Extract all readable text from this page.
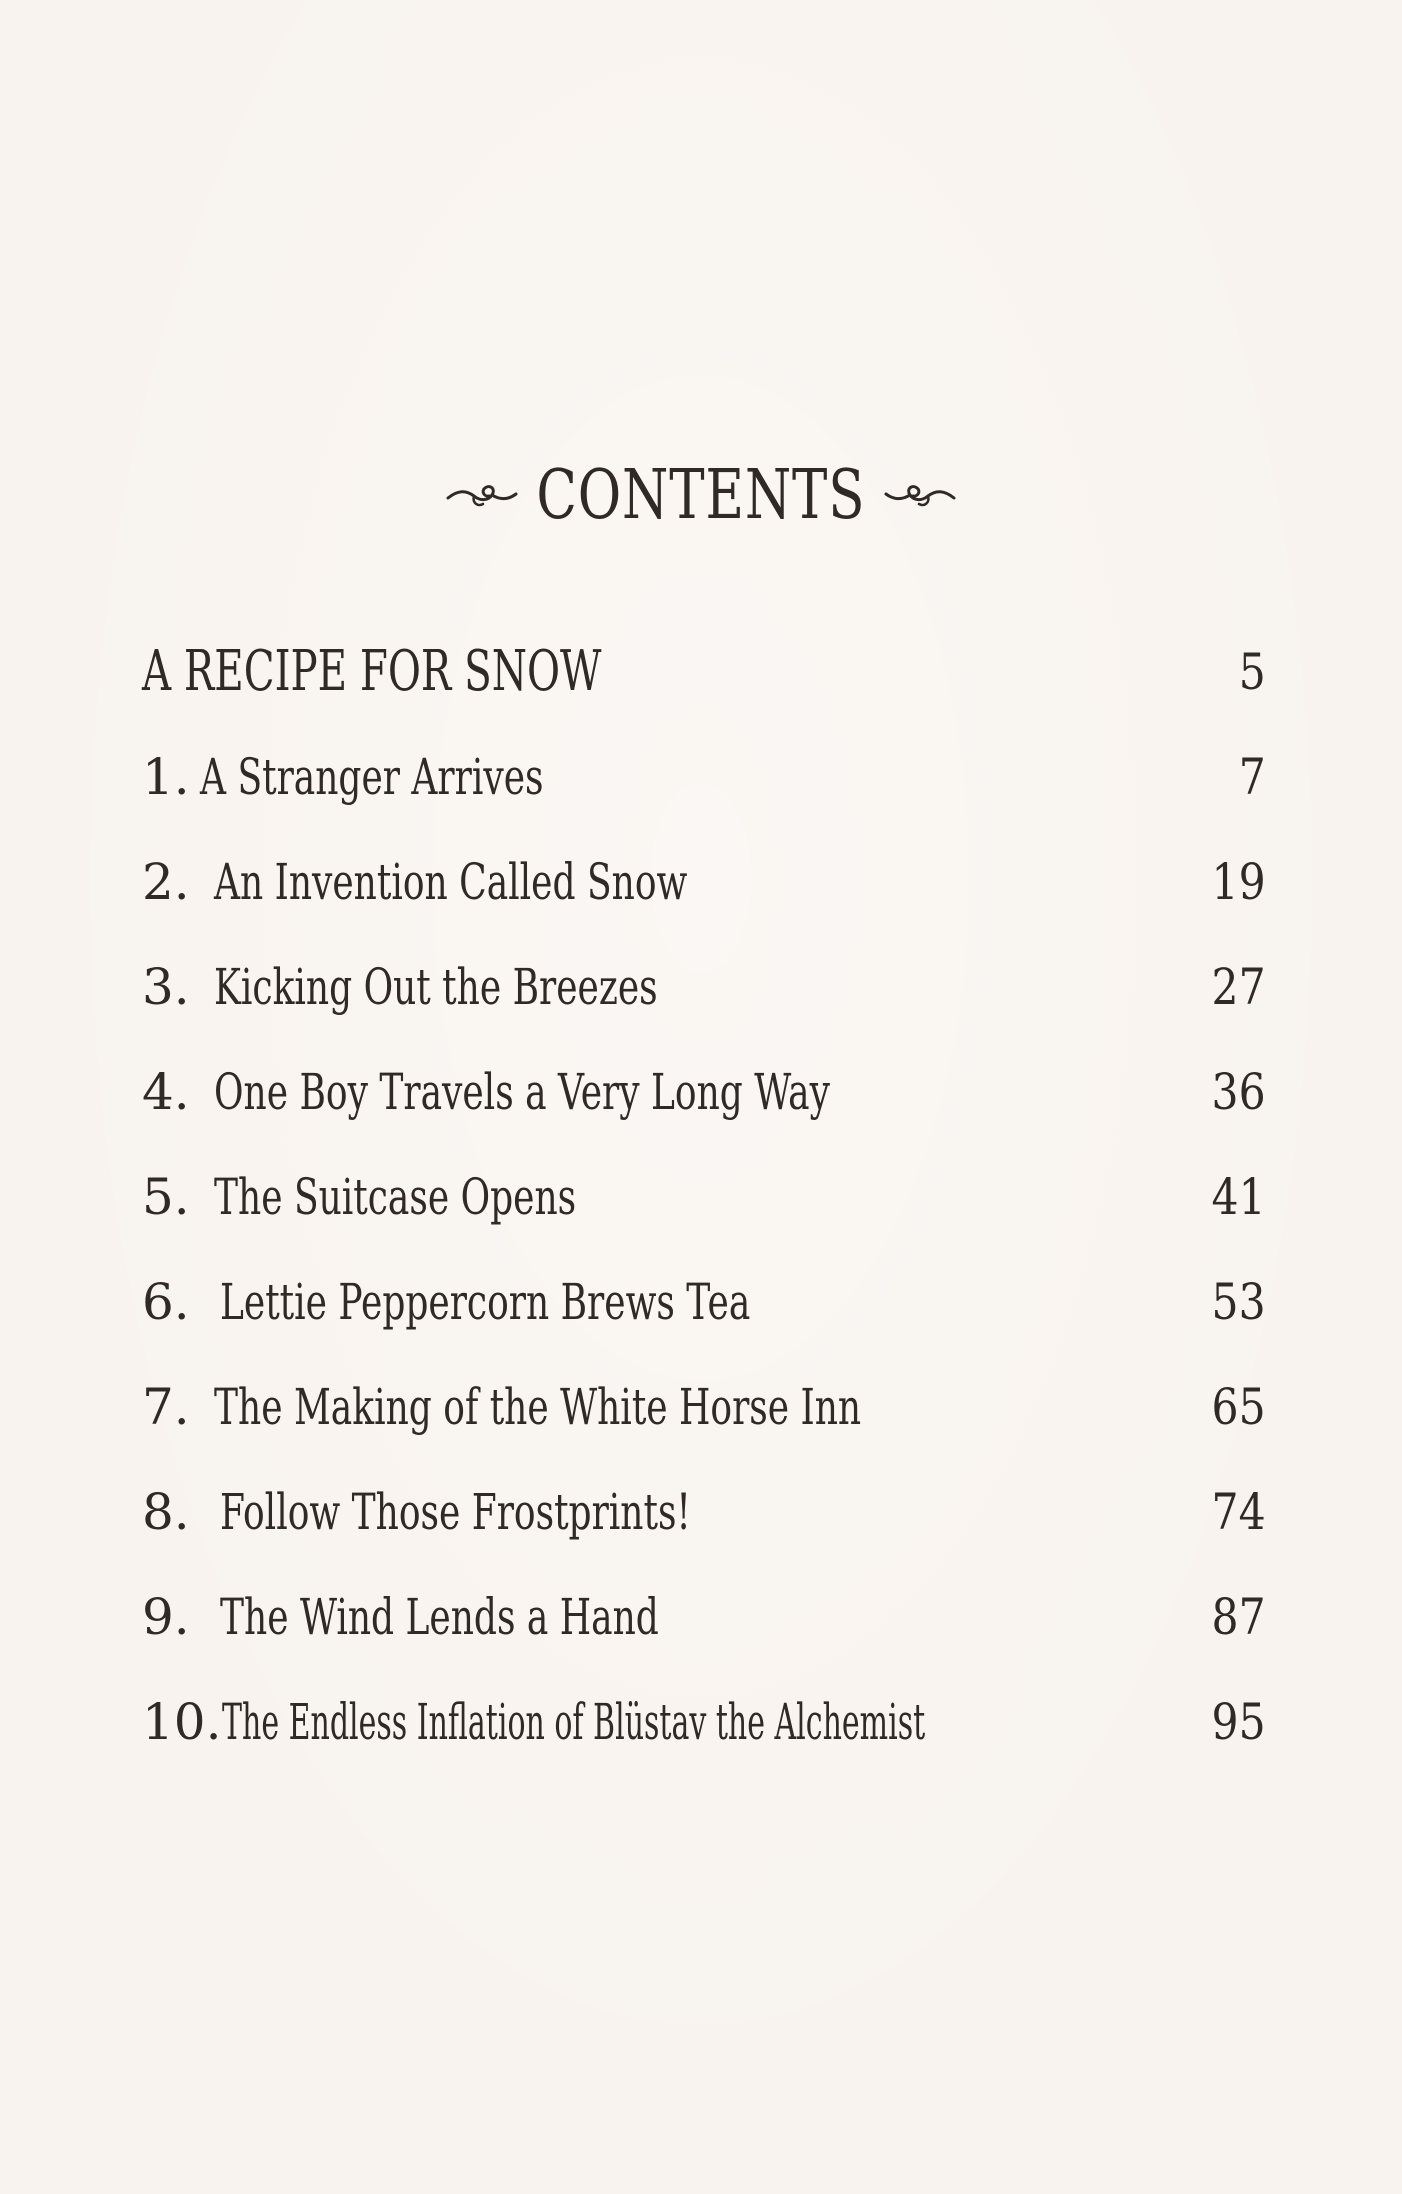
CONTENTS
A RECIPE FOR SNOW	5
1. A Stranger Arrives	7
2. An Invention Called Snow	19
3. Kicking Out the Breezes	27
4. One Boy Travels a Very Long Way	36
5. The Suitcase Opens	41
6. Lettie Peppercorn Brews Tea	53
7. The Making of the White Horse Inn	65
8. Follow Those Frostprints!	74
9. The Wind Lends a Hand	87
10. The Endless Inflation of Blüstav the Alchemist	95
